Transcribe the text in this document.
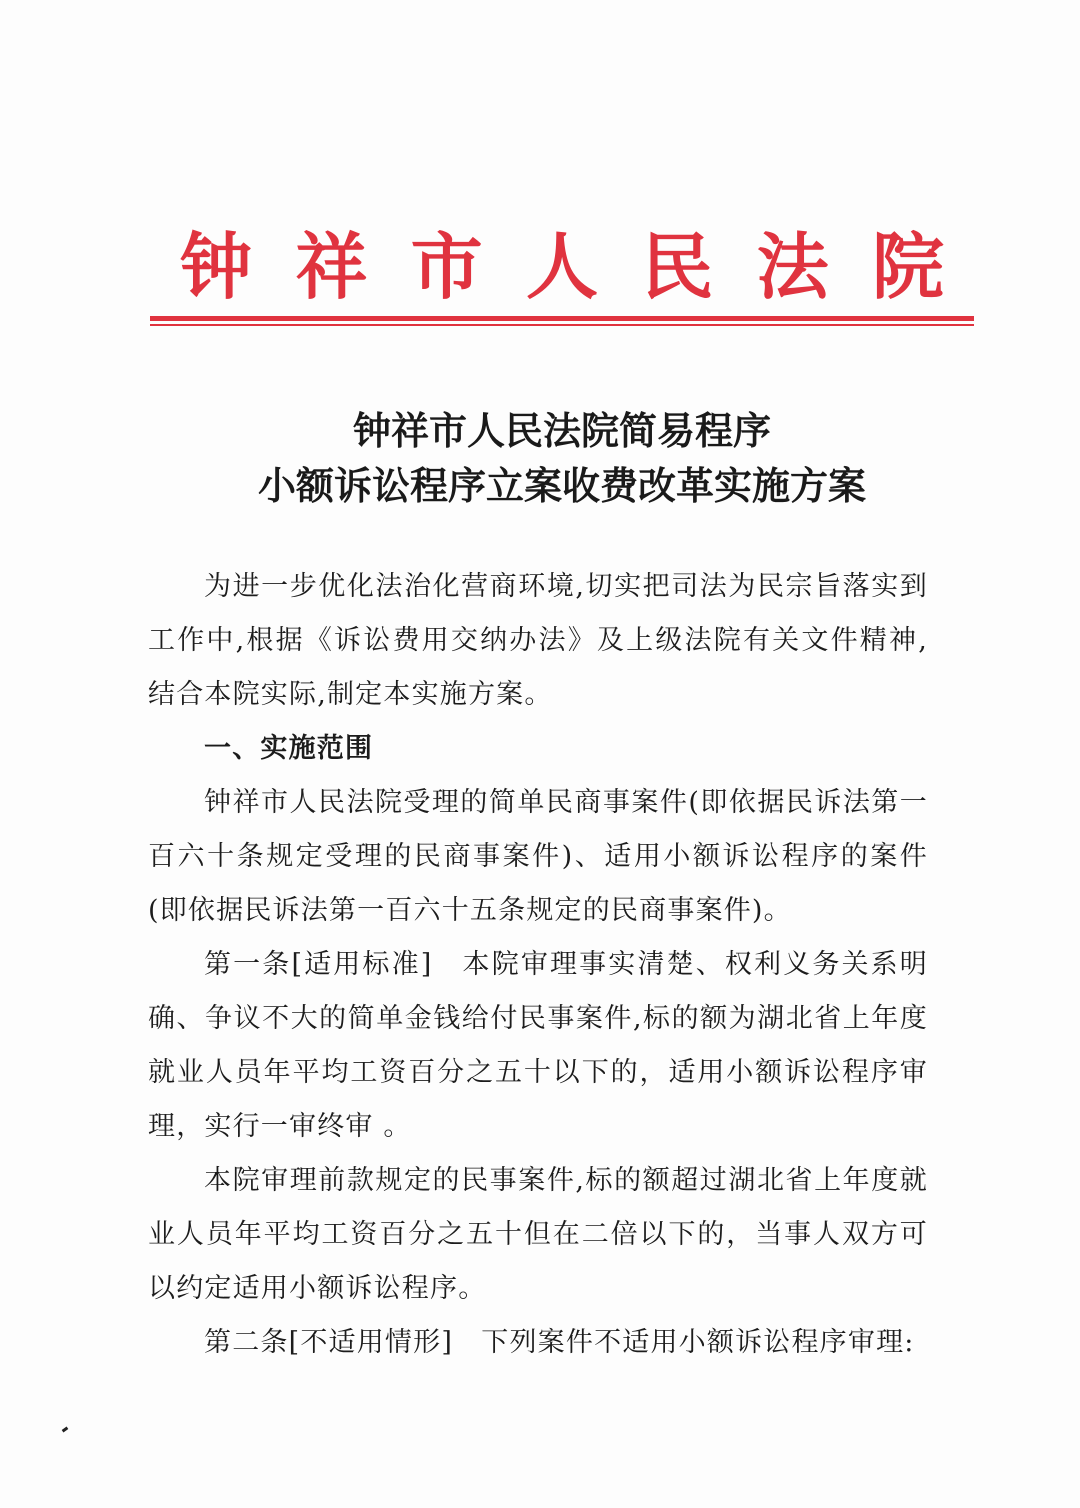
钟 祥 市 人 民 法 院
钟祥市人民法院简易程序
小额诉讼程序立案收费改革实施方案

为进一步优化法治化营商环境,切实把司法为民宗旨落实到工作中,根据《诉讼费用交纳办法》及上级法院有关文件精神,结合本院实际,制定本实施方案。

一、实施范围

钟祥市人民法院受理的简单民商事案件(即依据民诉法第一百六十条规定受理的民商事案件)、适用小额诉讼程序的案件(即依据民诉法第一百六十五条规定的民商事案件)。

第一条[适用标准]　本院审理事实清楚、权利义务关系明确、争议不大的简单金钱给付民事案件,标的额为湖北省上年度就业人员年平均工资百分之五十以下的，适用小额诉讼程序审理，实行一审终审 。

本院审理前款规定的民事案件,标的额超过湖北省上年度就业人员年平均工资百分之五十但在二倍以下的，当事人双方可以约定适用小额诉讼程序。

第二条[不适用情形]　下列案件不适用小额诉讼程序审理:
